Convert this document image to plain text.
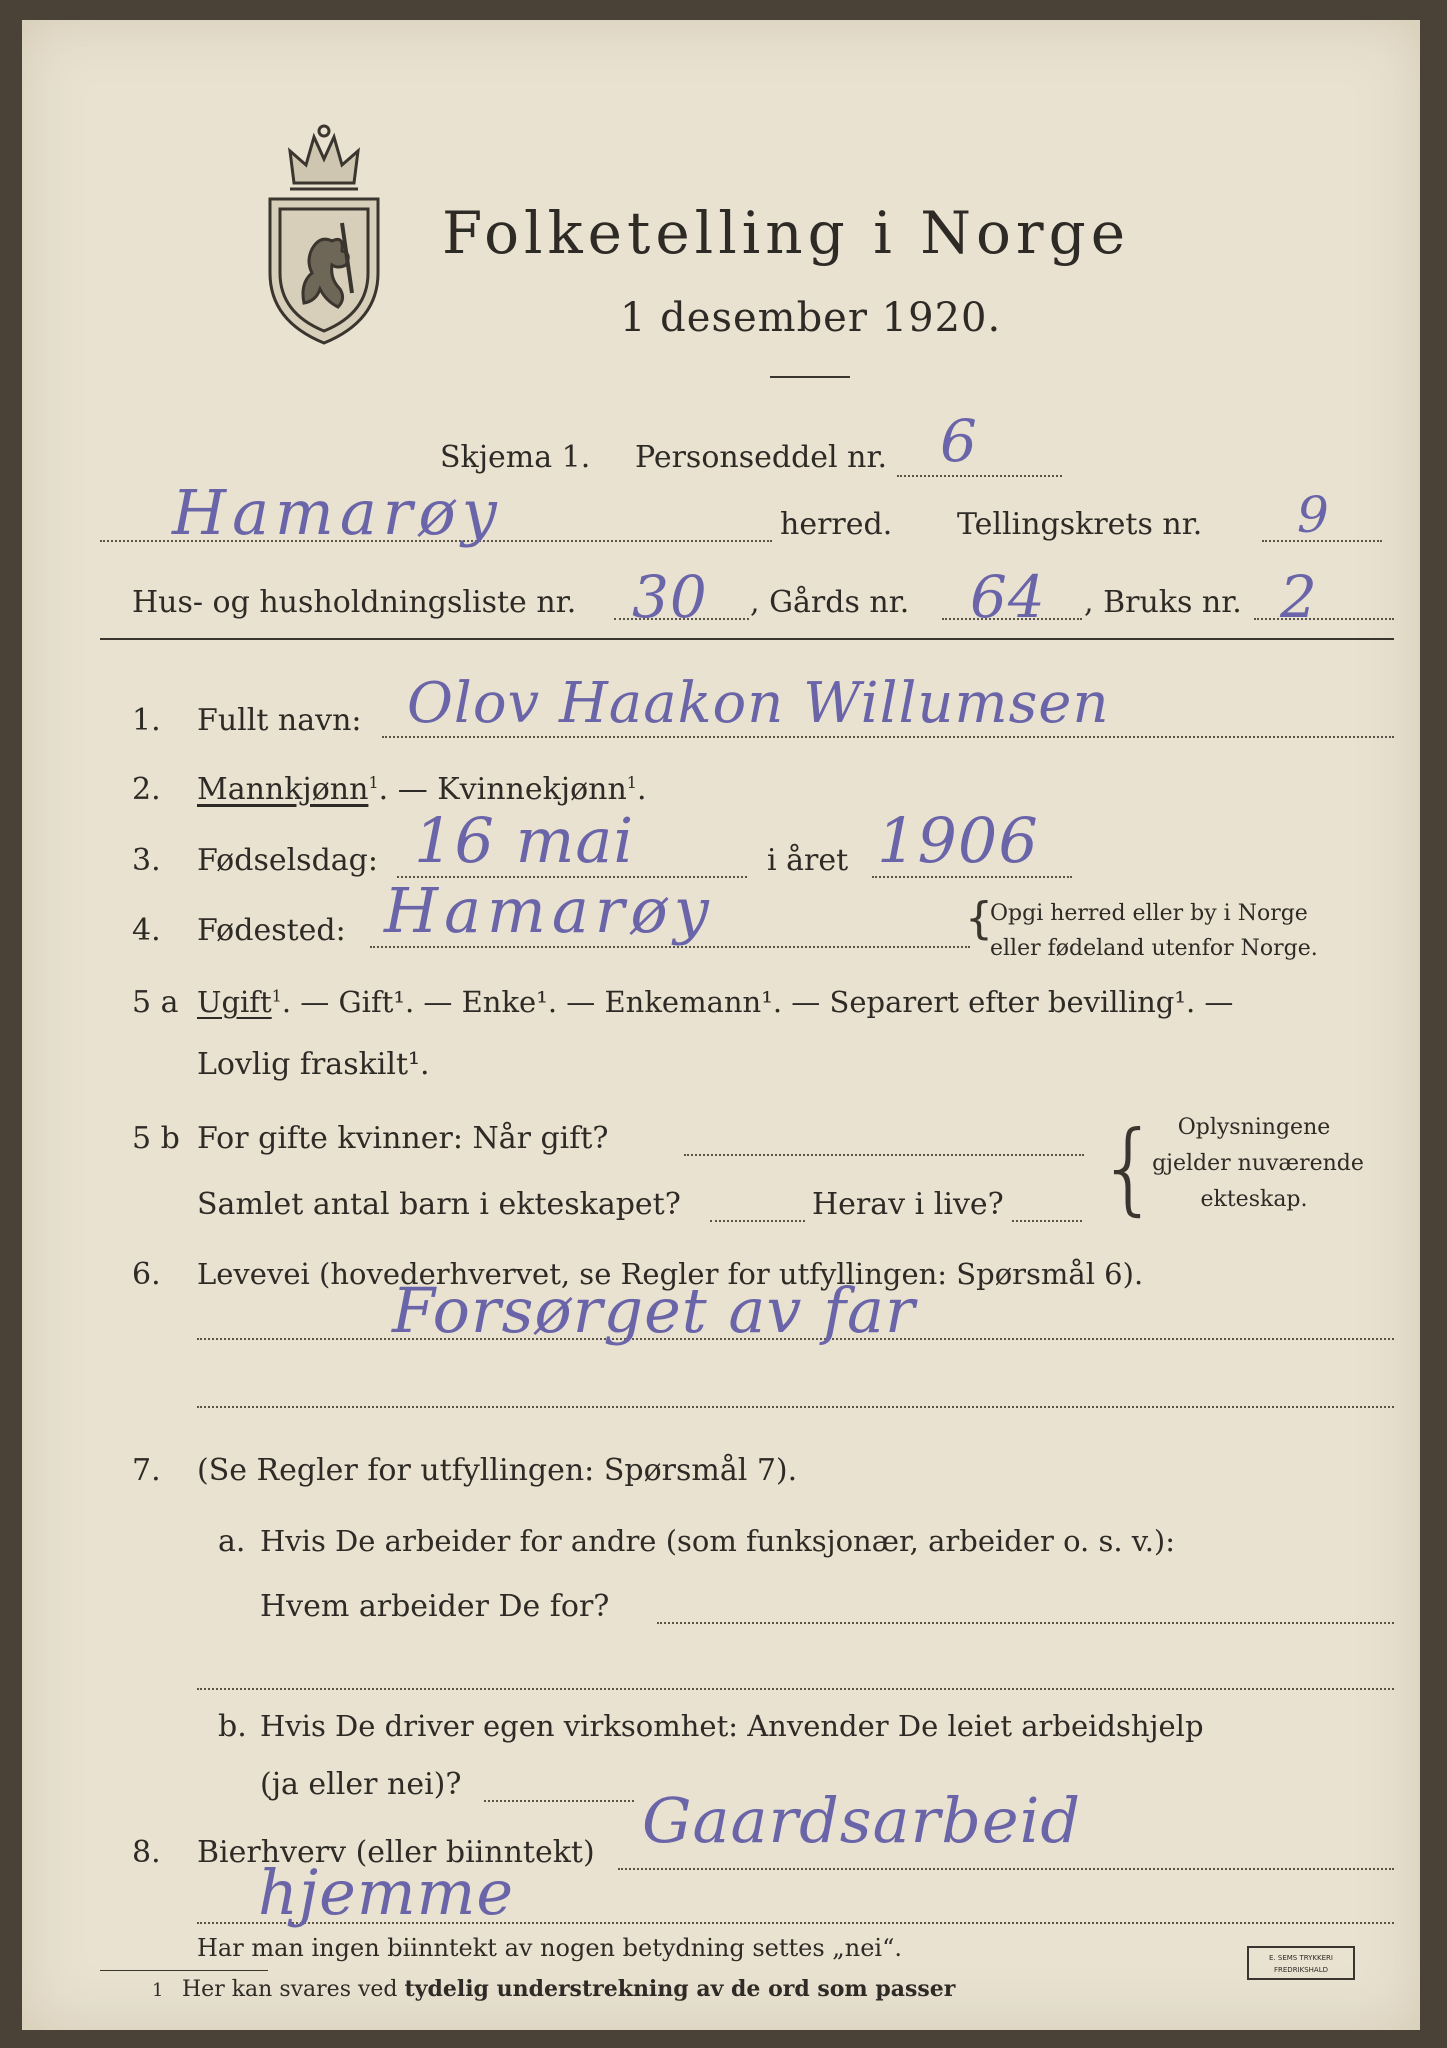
Folketelling i Norge
1 desember 1920.
Skjema 1. Personseddel nr. 6
Hamarøy	herred. Tellingskrets nr. 9
Hus- og husholdningsliste nr. 30 , Gårds nr. 64 , Bruks nr. 2
1. Fullt navn: Olov Haakon Willumsen
2. Mannkjønn$^1$. — Kvinnekjønn$^1$.
3. Fødselsdag: 16 mai	i året 1906
4. Fødested: Hamarøy	{
Opgi herred eller by i Norge
eller fødeland utenfor Norge.
5 a Ugift$^1$. — Gift¹. — Enke¹. — Enkemann¹. — Separert efter bevilling¹. —
Lovlig fraskilt¹.
5 b For gifte kvinner: Når gift?
Samlet antal barn i ekteskapet?	Herav i live? { Oplysningene
gjelder nuværende
ekteskap.
6. Levevei (hovederhvervet, se Regler for utfyllingen: Spørsmål 6).
Forsørget av far
7. (Se Regler for utfyllingen: Spørsmål 7).
a. Hvis De arbeider for andre (som funksjonær, arbeider o. s. v.):
Hvem arbeider De for?
b. Hvis De driver egen virksomhet: Anvender De leiet arbeidshjelp
(ja eller nei)?
8. Bierhverv (eller biinntekt) Gaardsarbeid
hjemme
Har man ingen biinntekt av nogen betydning settes „nei“.
1 Her kan svares ved tydelig understrekning av de ord som passer
E. SEMS TRYKKERI
FREDRIKSHALD
